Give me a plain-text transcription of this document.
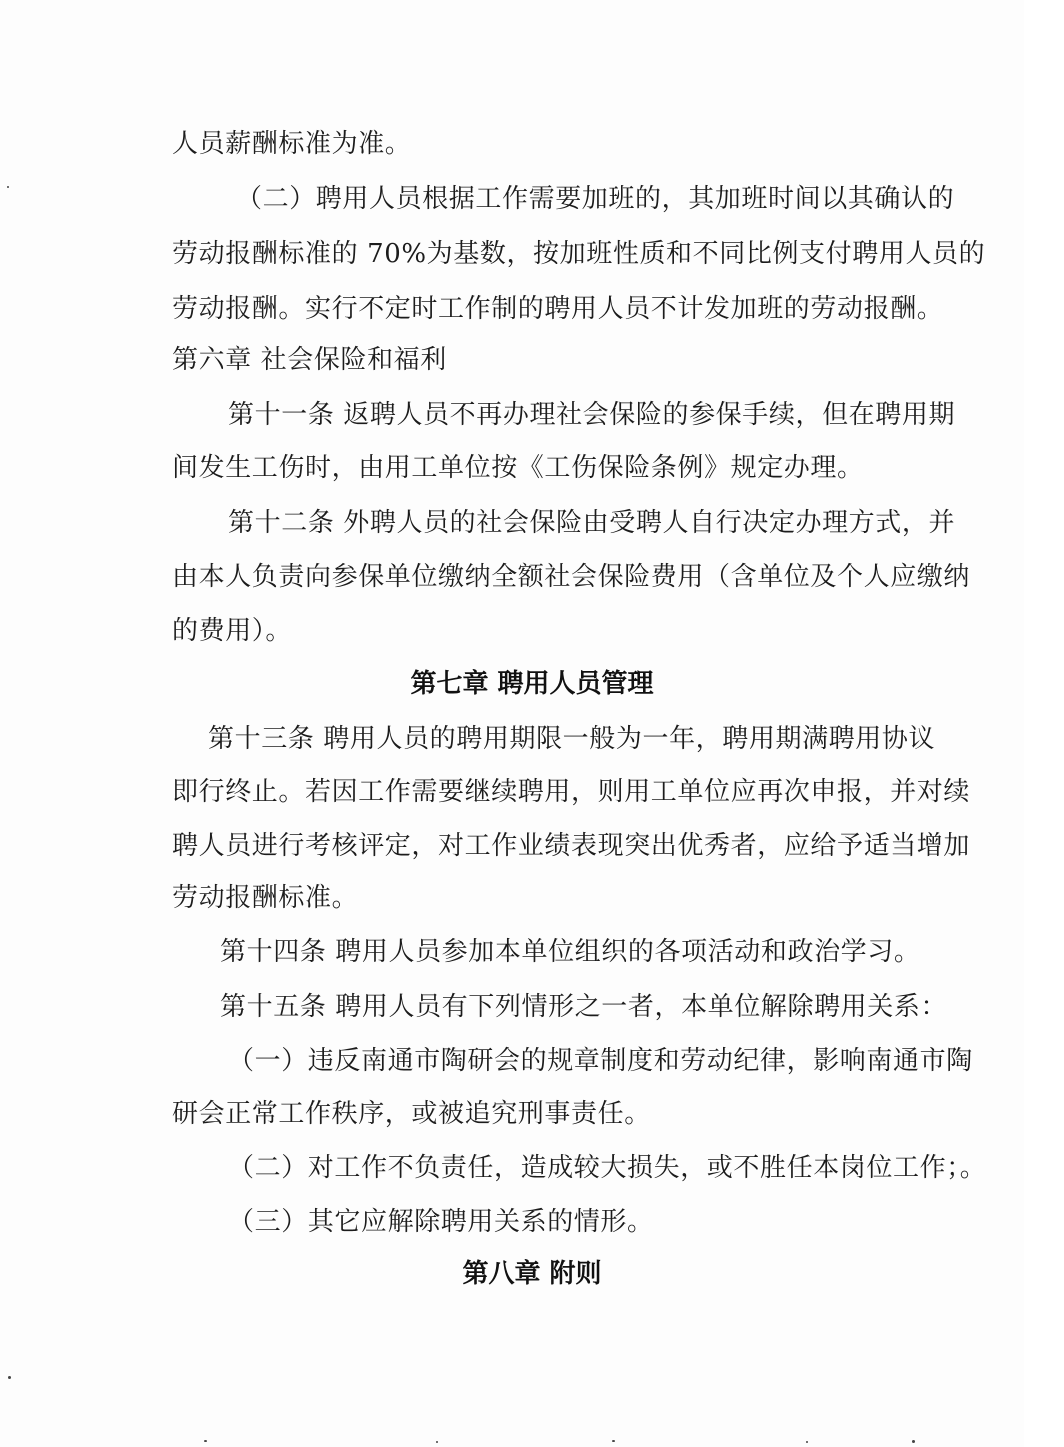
人员薪酬标准为准。
（二）聘用人员根据工作需要加班的，其加班时间以其确认的
劳动报酬标准的 70%为基数，按加班性质和不同比例支付聘用人员的
劳动报酬。实行不定时工作制的聘用人员不计发加班的劳动报酬。
第六章 社会保险和福利
第十一条 返聘人员不再办理社会保险的参保手续，但在聘用期
间发生工伤时，由用工单位按《工伤保险条例》规定办理。
第十二条 外聘人员的社会保险由受聘人自行决定办理方式，并
由本人负责向参保单位缴纳全额社会保险费用（含单位及个人应缴纳
的费用）。
第七章 聘用人员管理
第十三条 聘用人员的聘用期限一般为一年，聘用期满聘用协议
即行终止。若因工作需要继续聘用，则用工单位应再次申报，并对续
聘人员进行考核评定，对工作业绩表现突出优秀者，应给予适当增加
劳动报酬标准。
第十四条 聘用人员参加本单位组织的各项活动和政治学习。
第十五条 聘用人员有下列情形之一者，本单位解除聘用关系：
（一）违反南通市陶研会的规章制度和劳动纪律，影响南通市陶
研会正常工作秩序，或被追究刑事责任。
（二）对工作不负责任，造成较大损失，或不胜任本岗位工作；。
（三）其它应解除聘用关系的情形。
第八章 附则
